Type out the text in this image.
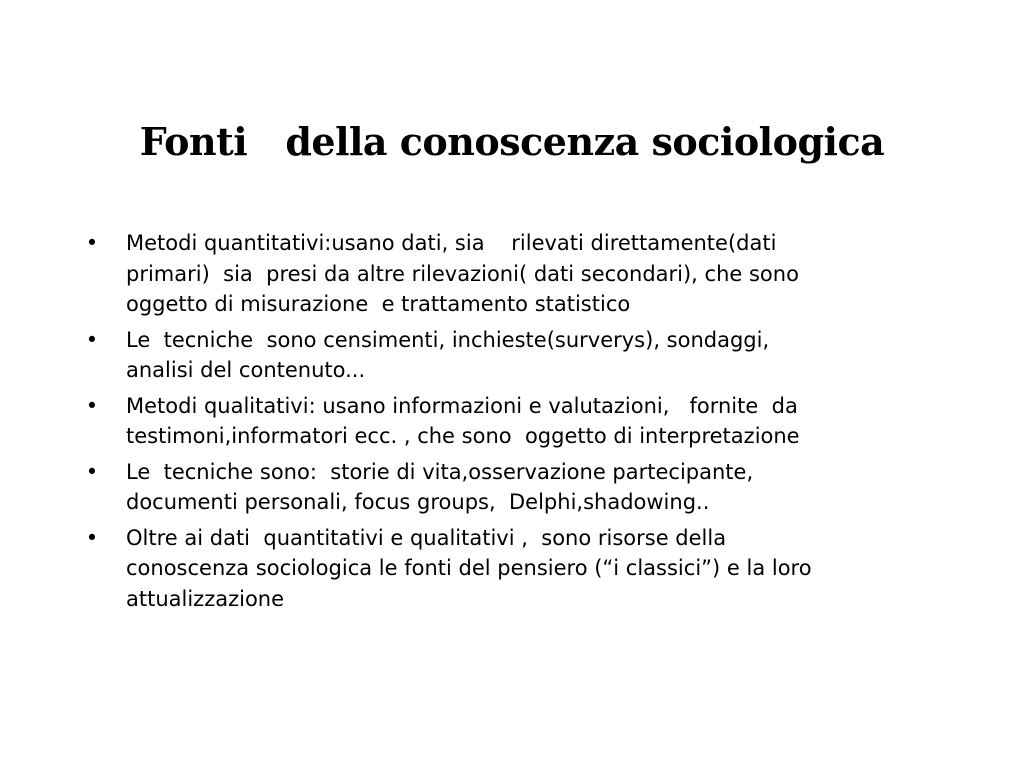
Fonti   della conoscenza sociologica
• Metodi quantitativi:usano dati, sia    rilevati direttamente(dati
primari)  sia  presi da altre rilevazioni( dati secondari), che sono
oggetto di misurazione  e trattamento statistico
• Le  tecniche  sono censimenti, inchieste(surverys), sondaggi,
analisi del contenuto...
• Metodi qualitativi: usano informazioni e valutazioni,   fornite  da
testimoni,informatori ecc. , che sono  oggetto di interpretazione
• Le  tecniche sono:  storie di vita,osservazione partecipante,
documenti personali, focus groups,  Delphi,shadowing..
• Oltre ai dati  quantitativi e qualitativi ,  sono risorse della
conoscenza sociologica le fonti del pensiero (“i classici”) e la loro
attualizzazione
